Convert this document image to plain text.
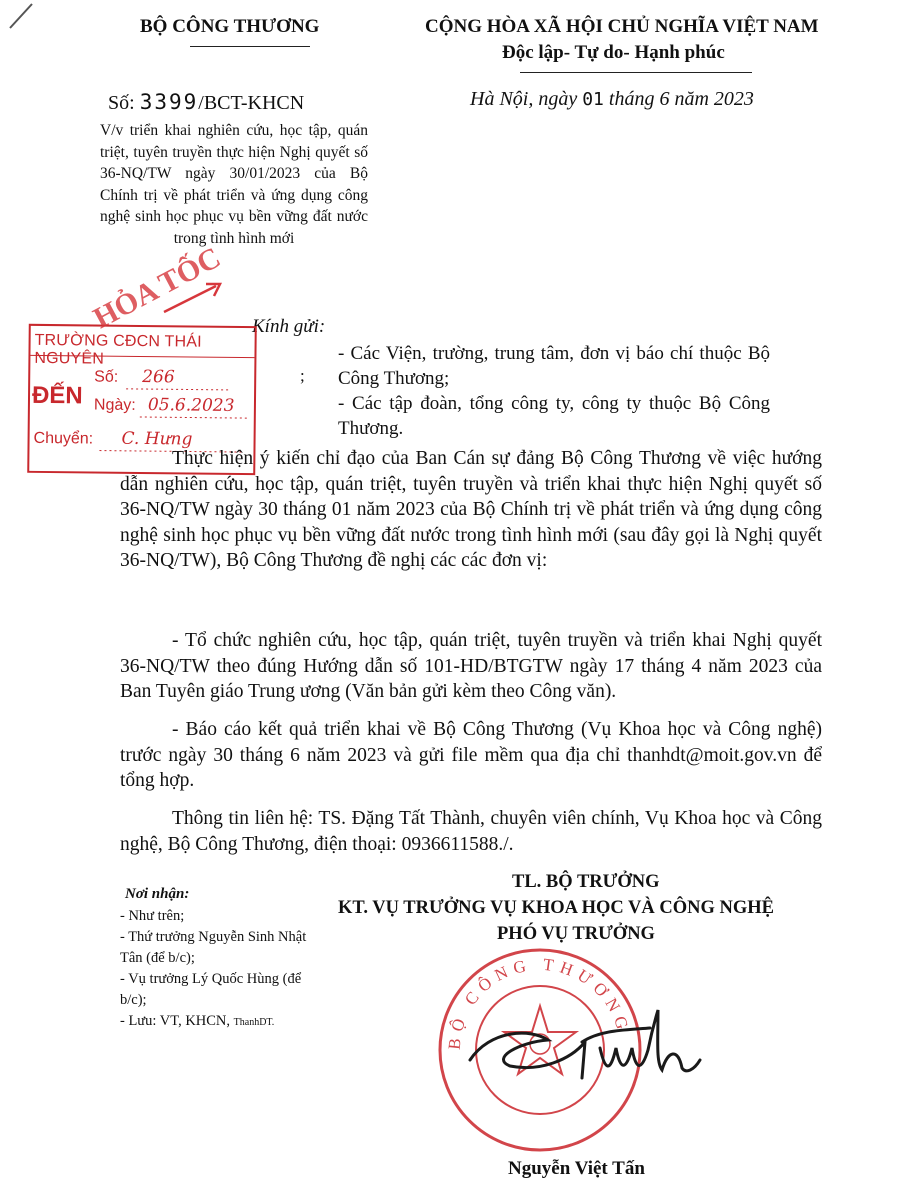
BỘ CÔNG THƯƠNG	CỘNG HÒA XÃ HỘI CHỦ NGHĨA VIỆT NAM
Độc lập- Tự do- Hạnh phúc
Số: 3399/BCT-KHCN	Hà Nội, ngày 01 tháng 6 năm 2023
V/v triển khai nghiên cứu, học tập, quán triệt, tuyên truyền thực hiện Nghị quyết số 36-NQ/TW ngày 30/01/2023 của Bộ Chính trị về phát triển và ứng dụng công nghệ sinh học phục vụ bền vững đất nước trong tình hình mới
Kính gửi:
;
- Các Viện, trường, trung tâm, đơn vị báo chí thuộc Bộ Công Thương;
- Các tập đoàn, tổng công ty, công ty thuộc Bộ Công Thương.
TRƯỜNG CĐCN THÁI NGUYÊN
ĐẾN
Số: 266
Ngày: 05.6.2023
Chuyển: C. Hưng
HỎA TỐC
Thực hiện ý kiến chỉ đạo của Ban Cán sự đảng Bộ Công Thương về việc hướng dẫn nghiên cứu, học tập, quán triệt, tuyên truyền và triển khai thực hiện Nghị quyết số 36-NQ/TW ngày 30 tháng 01 năm 2023 của Bộ Chính trị về phát triển và ứng dụng công nghệ sinh học phục vụ bền vững đất nước trong tình hình mới (sau đây gọi là Nghị quyết 36-NQ/TW), Bộ Công Thương đề nghị các các đơn vị:
- Tổ chức nghiên cứu, học tập, quán triệt, tuyên truyền và triển khai Nghị quyết 36-NQ/TW theo đúng Hướng dẫn số 101-HD/BTGTW ngày 17 tháng 4 năm 2023 của Ban Tuyên giáo Trung ương (Văn bản gửi kèm theo Công văn).
- Báo cáo kết quả triển khai về Bộ Công Thương (Vụ Khoa học và Công nghệ) trước ngày 30 tháng 6 năm 2023 và gửi file mềm qua địa chỉ thanhdt@moit.gov.vn để tổng hợp.
Thông tin liên hệ: TS. Đặng Tất Thành, chuyên viên chính, Vụ Khoa học và Công nghệ, Bộ Công Thương, điện thoại: 0936611588./.
Nơi nhận:
- Như trên;
- Thứ trưởng Nguyễn Sinh Nhật Tân (để b/c);
- Vụ trưởng Lý Quốc Hùng (để b/c);
- Lưu: VT, KHCN, ThanhDT.
TL. BỘ TRƯỞNG
KT. VỤ TRƯỞNG VỤ KHOA HỌC VÀ CÔNG NGHỆ
PHÓ VỤ TRƯỞNG
BỘ CÔNG THƯƠNG
Nguyễn Việt Tấn
